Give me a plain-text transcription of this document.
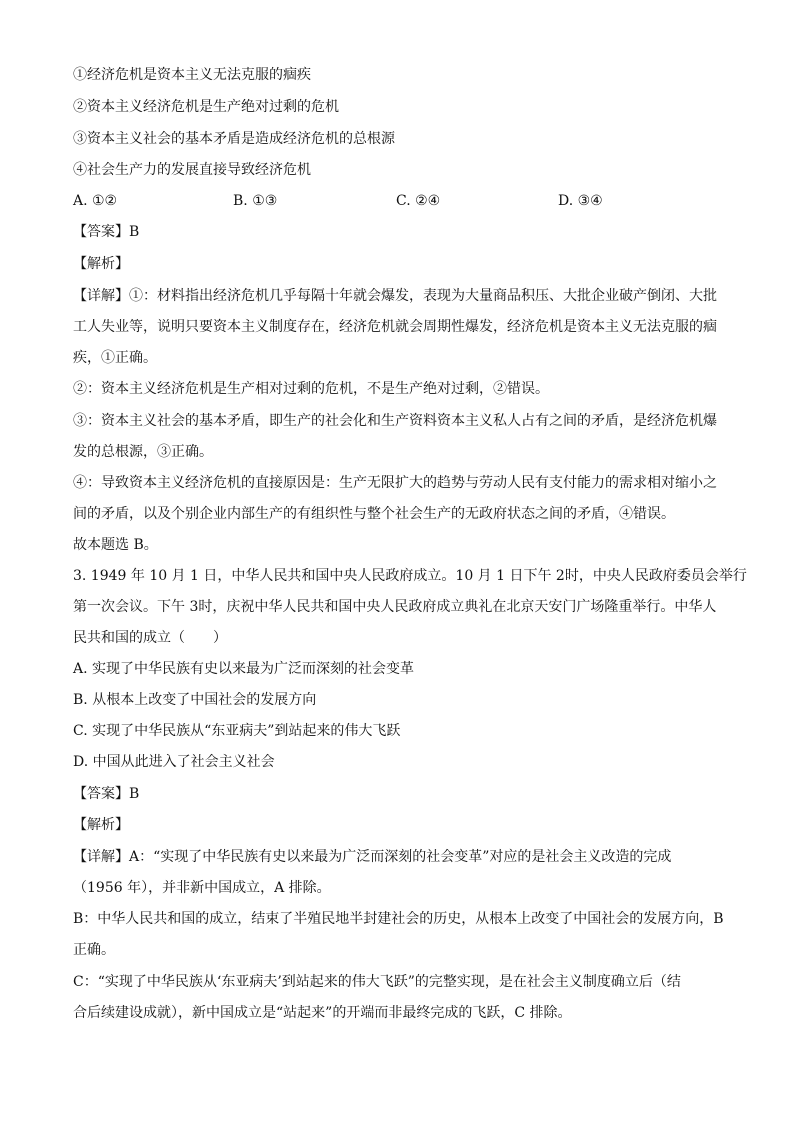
①经济危机是资本主义无法克服的痼疾
②资本主义经济危机是生产绝对过剩的危机
③资本主义社会的基本矛盾是造成经济危机的总根源
④社会生产力的发展直接导致经济危机
A. ①②	B. ①③	C. ②④	D. ③④
【答案】B
【解析】
【详解】①：材料指出经济危机几乎每隔十年就会爆发，表现为大量商品积压、大批企业破产倒闭、大批
工人失业等，说明只要资本主义制度存在，经济危机就会周期性爆发，经济危机是资本主义无法克服的痼
疾，①正确。
②：资本主义经济危机是生产相对过剩的危机，不是生产绝对过剩，②错误。
③：资本主义社会的基本矛盾，即生产的社会化和生产资料资本主义私人占有之间的矛盾，是经济危机爆
发的总根源，③正确。
④：导致资本主义经济危机的直接原因是：生产无限扩大的趋势与劳动人民有支付能力的需求相对缩小之
间的矛盾，以及个别企业内部生产的有组织性与整个社会生产的无政府状态之间的矛盾，④错误。
故本题选 B。
3. 1949 年 10 月 1 日，中华人民共和国中央人民政府成立。10 月 1 日下午 2时，中央人民政府委员会举行
第一次会议。下午 3时，庆祝中华人民共和国中央人民政府成立典礼在北京天安门广场隆重举行。中华人
民共和国的成立（　　）
A. 实现了中华民族有史以来最为广泛而深刻的社会变革
B. 从根本上改变了中国社会的发展方向
C. 实现了中华民族从“东亚病夫”到站起来的伟大飞跃
D. 中国从此进入了社会主义社会
【答案】B
【解析】
【详解】A：“实现了中华民族有史以来最为广泛而深刻的社会变革”对应的是社会主义改造的完成
（1956 年），并非新中国成立，A 排除。
B：中华人民共和国的成立，结束了半殖民地半封建社会的历史，从根本上改变了中国社会的发展方向，B
正确。
C：“实现了中华民族从‘东亚病夫’到站起来的伟大飞跃”的完整实现，是在社会主义制度确立后（结
合后续建设成就），新中国成立是“站起来”的开端而非最终完成的飞跃，C 排除。
